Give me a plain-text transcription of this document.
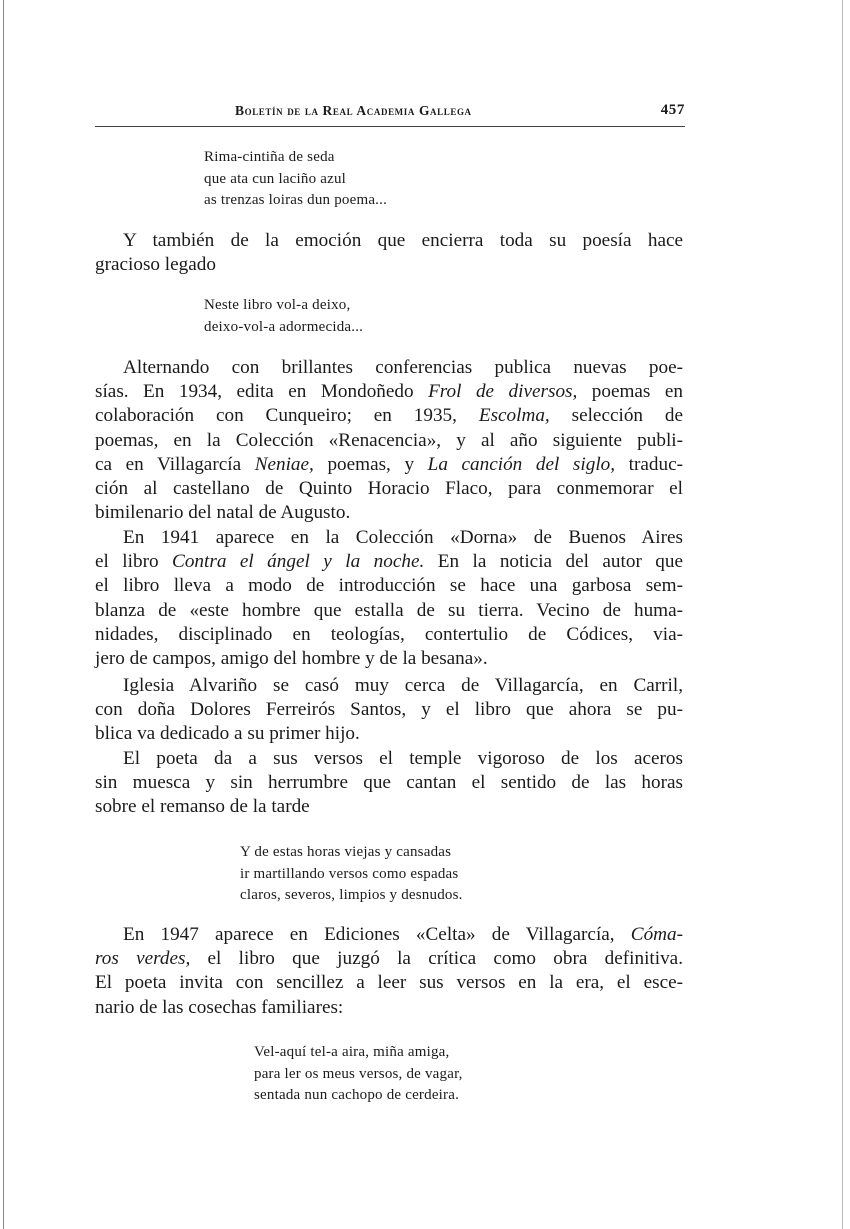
Boletín de la Real Academia Gallega	457
Rima-cintiña de seda
que ata cun laciño azul
as trenzas loiras dun poema...
Y también de la emoción que encierra toda su poesía hace
gracioso legado
Neste libro vol-a deixo,
deixo-vol-a adormecida...
Alternando con brillantes conferencias publica nuevas poe-
sías. En 1934, edita en Mondoñedo Frol de diversos, poemas en
colaboración con Cunqueiro; en 1935, Escolma, selección de
poemas, en la Colección «Renacencia», y al año siguiente publi-
ca en Villagarcía Neniae, poemas, y La canción del siglo, traduc-
ción al castellano de Quinto Horacio Flaco, para conmemorar el
bimilenario del natal de Augusto.
En 1941 aparece en la Colección «Dorna» de Buenos Aires
el libro Contra el ángel y la noche. En la noticia del autor que
el libro lleva a modo de introducción se hace una garbosa sem-
blanza de «este hombre que estalla de su tierra. Vecino de huma-
nidades, disciplinado en teologías, contertulio de Códices, via-
jero de campos, amigo del hombre y de la besana».
Iglesia Alvariño se casó muy cerca de Villagarcía, en Carril,
con doña Dolores Ferreirós Santos, y el libro que ahora se pu-
blica va dedicado a su primer hijo.
El poeta da a sus versos el temple vigoroso de los aceros
sin muesca y sin herrumbre que cantan el sentido de las horas
sobre el remanso de la tarde
Y de estas horas viejas y cansadas
ir martillando versos como espadas
claros, severos, limpios y desnudos.
En 1947 aparece en Ediciones «Celta» de Villagarcía, Cóma-
ros verdes, el libro que juzgó la crítica como obra definitiva.
El poeta invita con sencillez a leer sus versos en la era, el esce-
nario de las cosechas familiares:
Vel-aquí tel-a aira, miña amiga,
para ler os meus versos, de vagar,
sentada nun cachopo de cerdeira.
